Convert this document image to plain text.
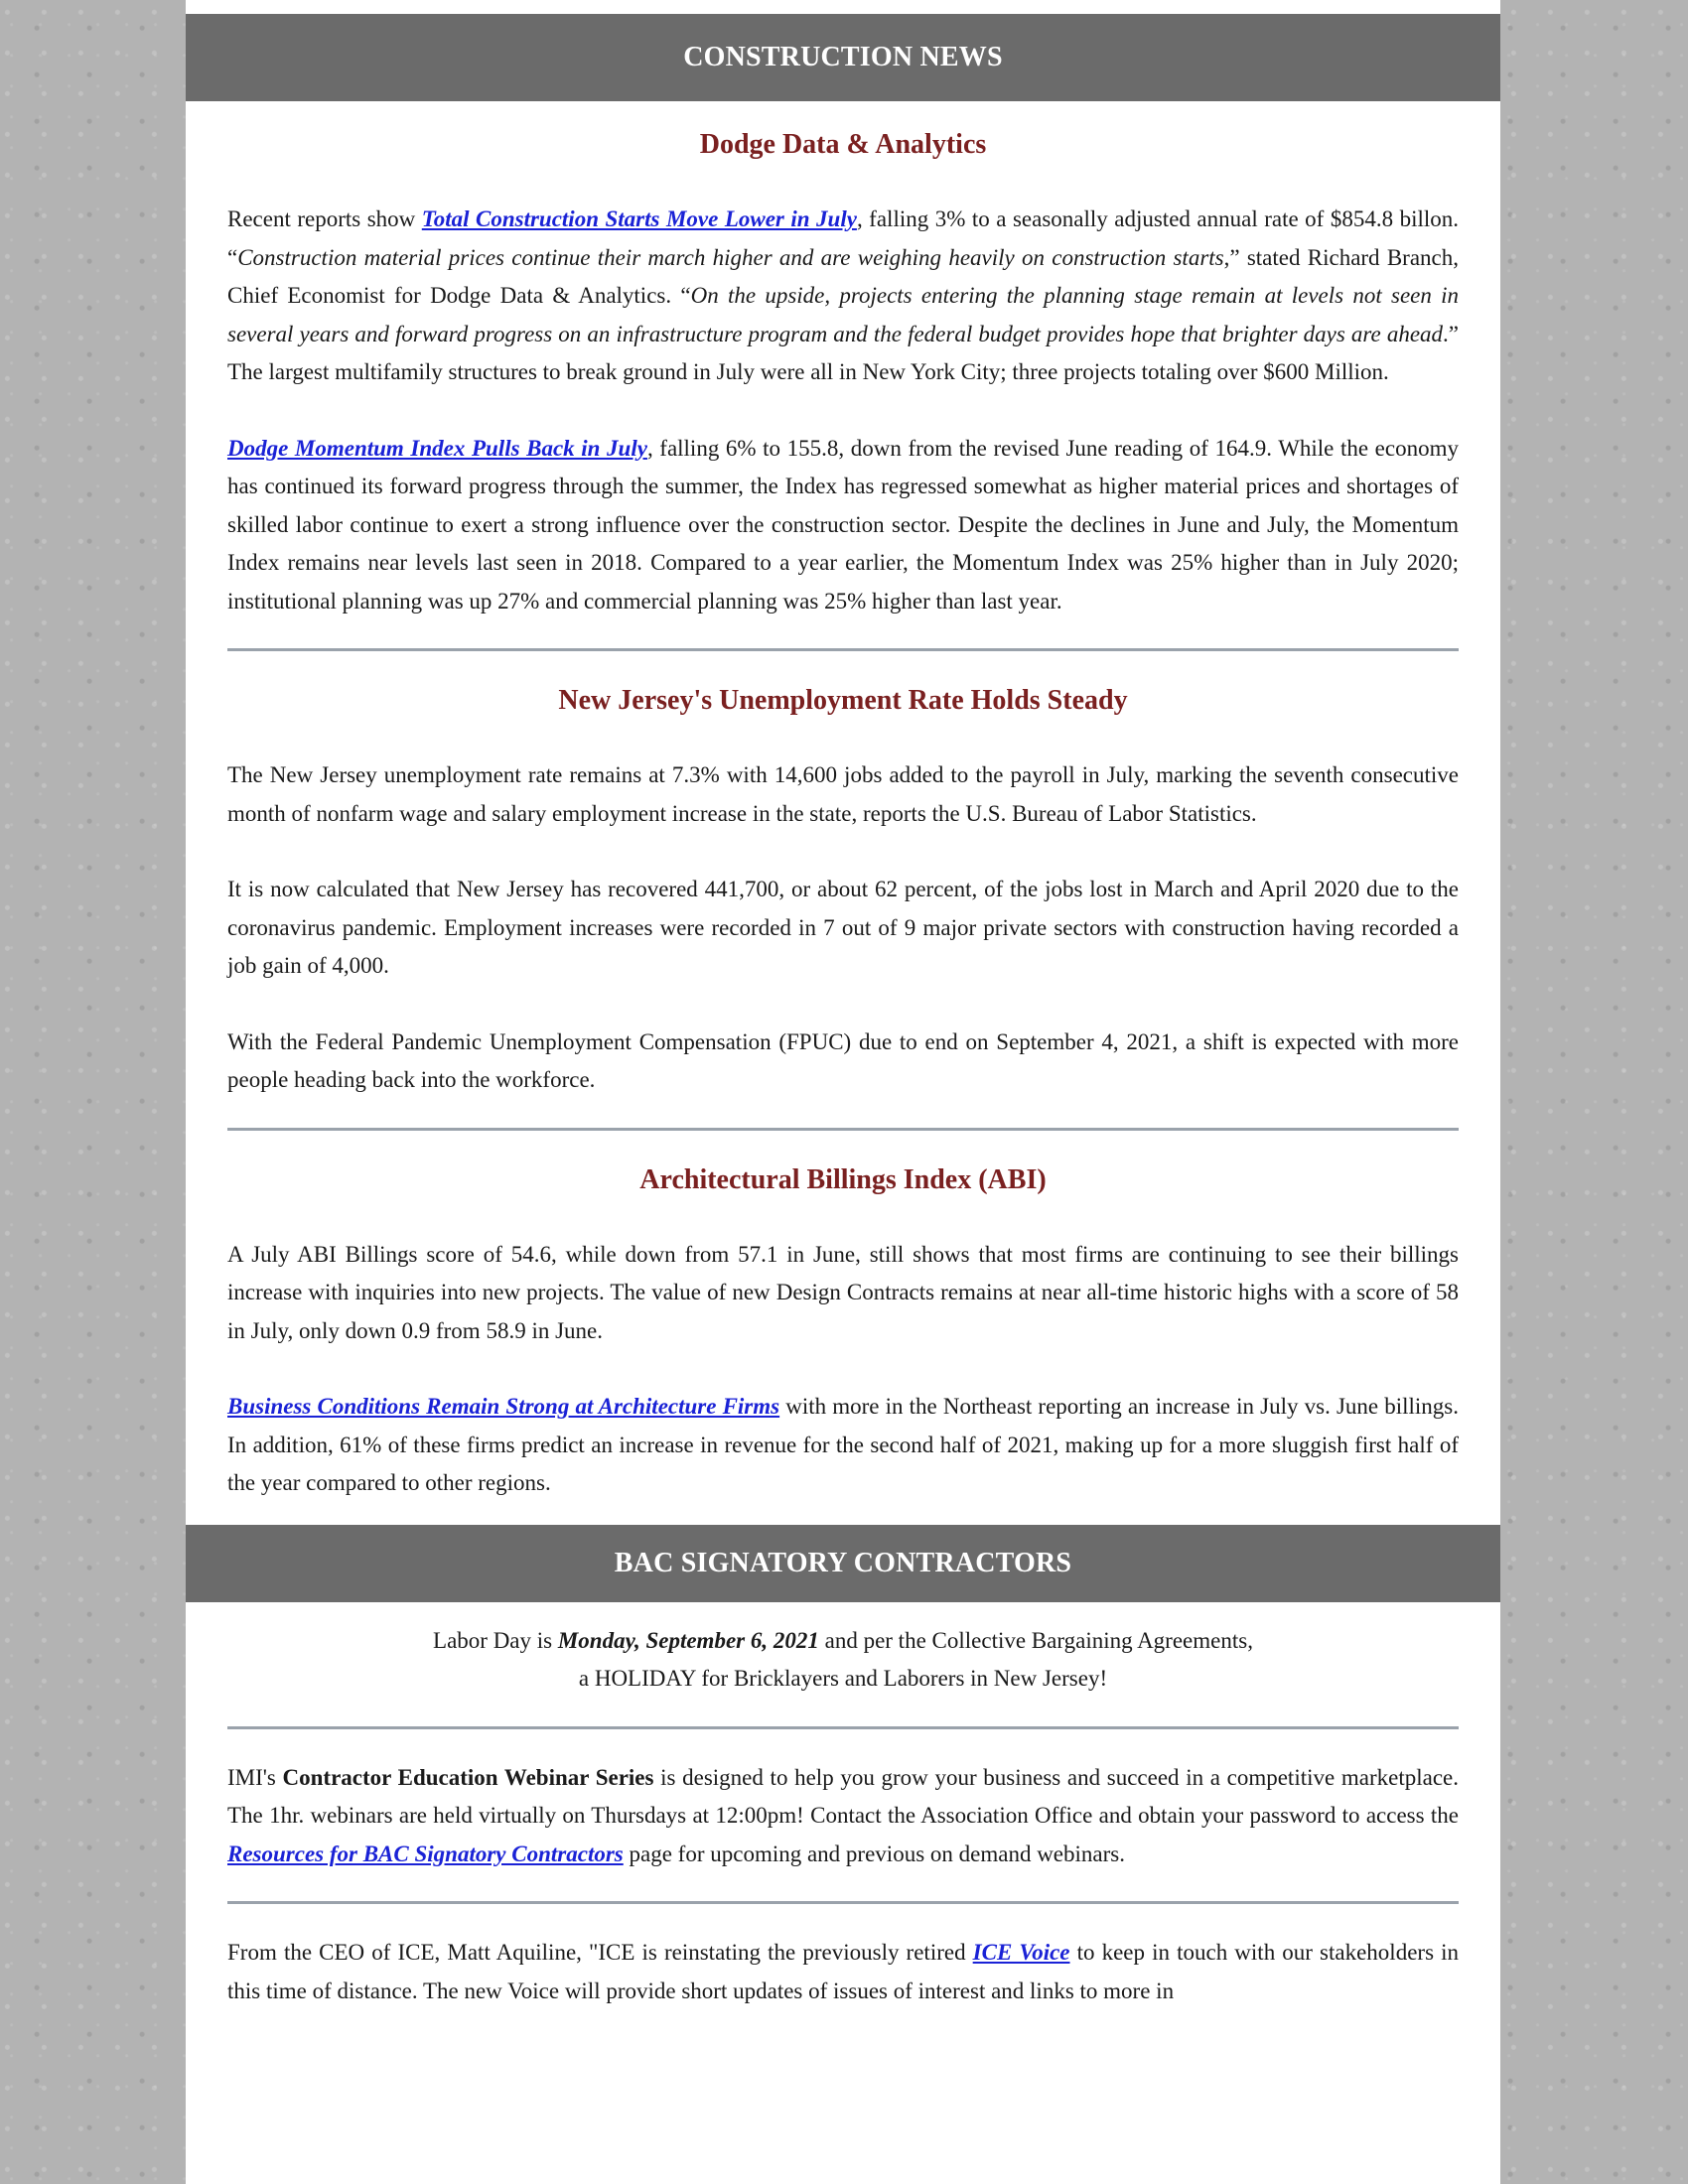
CONSTRUCTION NEWS
Dodge Data & Analytics

Recent reports show Total Construction Starts Move Lower in July, falling 3% to a seasonally adjusted annual rate of $854.8 billon. “Construction material prices continue their march higher and are weighing heavily on construction starts,” stated Richard Branch, Chief Economist for Dodge Data & Analytics. “On the upside, projects entering the planning stage remain at levels not seen in several years and forward progress on an infrastructure program and the federal budget provides hope that brighter days are ahead.” The largest multifamily structures to break ground in July were all in New York City; three projects totaling over $600 Million.

Dodge Momentum Index Pulls Back in July, falling 6% to 155.8, down from the revised June reading of 164.9. While the economy has continued its forward progress through the summer, the Index has regressed somewhat as higher material prices and shortages of skilled labor continue to exert a strong influence over the construction sector. Despite the declines in June and July, the Momentum Index remains near levels last seen in 2018. Compared to a year earlier, the Momentum Index was 25% higher than in July 2020; institutional planning was up 27% and commercial planning was 25% higher than last year.

New Jersey's Unemployment Rate Holds Steady

The New Jersey unemployment rate remains at 7.3% with 14,600 jobs added to the payroll in July, marking the seventh consecutive month of nonfarm wage and salary employment increase in the state, reports the U.S. Bureau of Labor Statistics.

It is now calculated that New Jersey has recovered 441,700, or about 62 percent, of the jobs lost in March and April 2020 due to the coronavirus pandemic. Employment increases were recorded in 7 out of 9 major private sectors with construction having recorded a job gain of 4,000.

With the Federal Pandemic Unemployment Compensation (FPUC) due to end on September 4, 2021, a shift is expected with more people heading back into the workforce.

Architectural Billings Index (ABI)

A July ABI Billings score of 54.6, while down from 57.1 in June, still shows that most firms are continuing to see their billings increase with inquiries into new projects. The value of new Design Contracts remains at near all-time historic highs with a score of 58 in July, only down 0.9 from 58.9 in June.

Business Conditions Remain Strong at Architecture Firms with more in the Northeast reporting an increase in July vs. June billings. In addition, 61% of these firms predict an increase in revenue for the second half of 2021, making up for a more sluggish first half of the year compared to other regions.

BAC SIGNATORY CONTRACTORS

Labor Day is Monday, September 6, 2021 and per the Collective Bargaining Agreements,
a HOLIDAY for Bricklayers and Laborers in New Jersey!

IMI's Contractor Education Webinar Series is designed to help you grow your business and succeed in a competitive marketplace. The 1hr. webinars are held virtually on Thursdays at 12:00pm! Contact the Association Office and obtain your password to access the Resources for BAC Signatory Contractors page for upcoming and previous on demand webinars.

From the CEO of ICE, Matt Aquiline, "ICE is reinstating the previously retired ICE Voice to keep in touch with our stakeholders in this time of distance. The new Voice will provide short updates of issues of interest and links to more in
